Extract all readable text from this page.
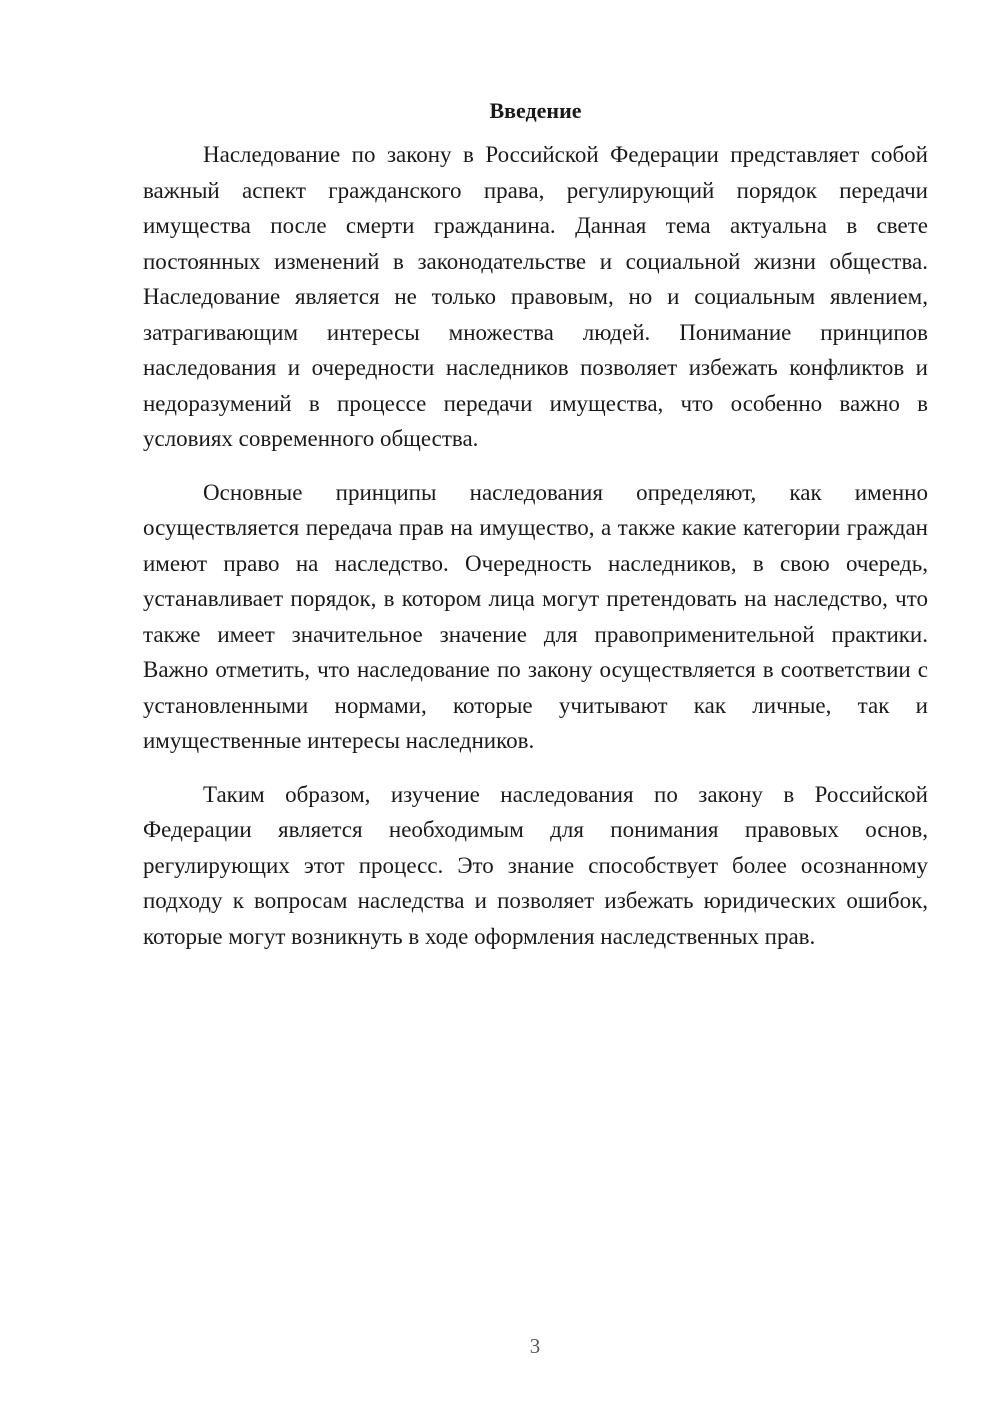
Введение

Наследование по закону в Российской Федерации представляет собой важный аспект гражданского права, регулирующий порядок передачи имущества после смерти гражданина. Данная тема актуальна в свете постоянных изменений в законодательстве и социальной жизни общества. Наследование является не только правовым, но и социальным явлением, затрагивающим интересы множества людей. Понимание принципов наследования и очередности наследников позволяет избежать конфликтов и недоразумений в процессе передачи имущества, что особенно важно в условиях современного общества.

Основные принципы наследования определяют, как именно осуществляется передача прав на имущество, а также какие категории граждан имеют право на наследство. Очередность наследников, в свою очередь, устанавливает порядок, в котором лица могут претендовать на наследство, что также имеет значительное значение для правоприменительной практики. Важно отметить, что наследование по закону осуществляется в соответствии с установленными нормами, которые учитывают как личные, так и имущественные интересы наследников.

Таким образом, изучение наследования по закону в Российской Федерации является необходимым для понимания правовых основ, регулирующих этот процесс. Это знание способствует более осознанному подходу к вопросам наследства и позволяет избежать юридических ошибок, которые могут возникнуть в ходе оформления наследственных прав.

3
